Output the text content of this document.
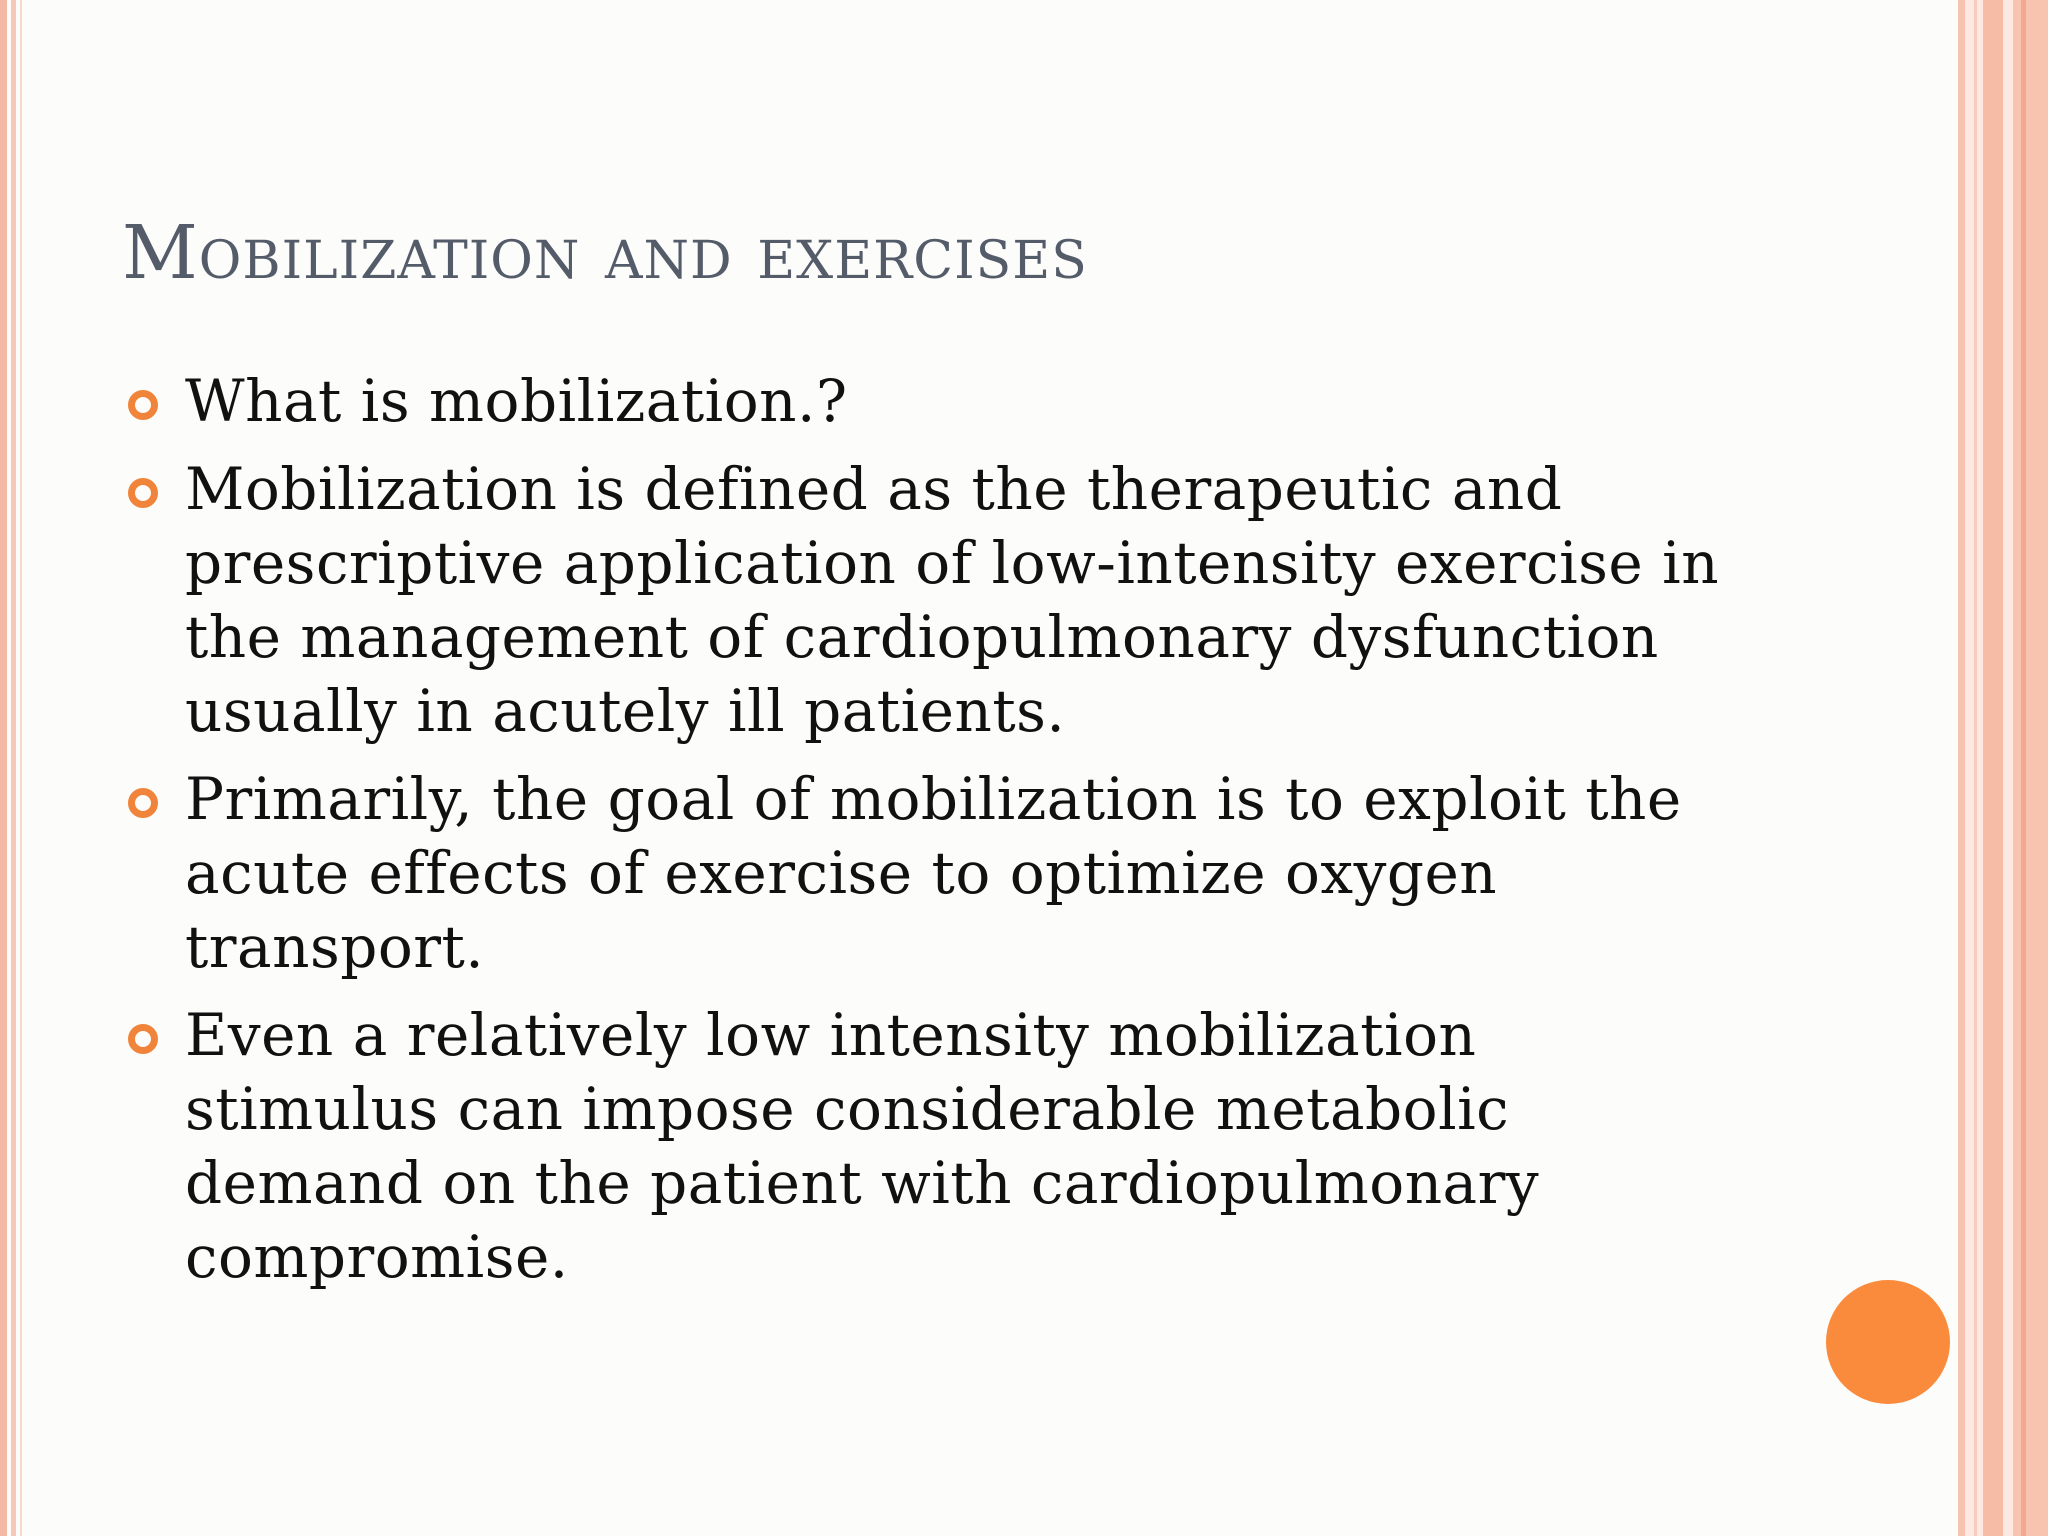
Mobilization and exercises
What is mobilization.?
Mobilization is defined as the therapeutic and prescriptive application of low-intensity exercise in the management of cardiopulmonary dysfunction usually in acutely ill patients.
Primarily, the goal of mobilization is to exploit the acute effects of exercise to optimize oxygen transport.
Even a relatively low intensity mobilization stimulus can impose considerable metabolic demand on the patient with cardiopulmonary compromise.
